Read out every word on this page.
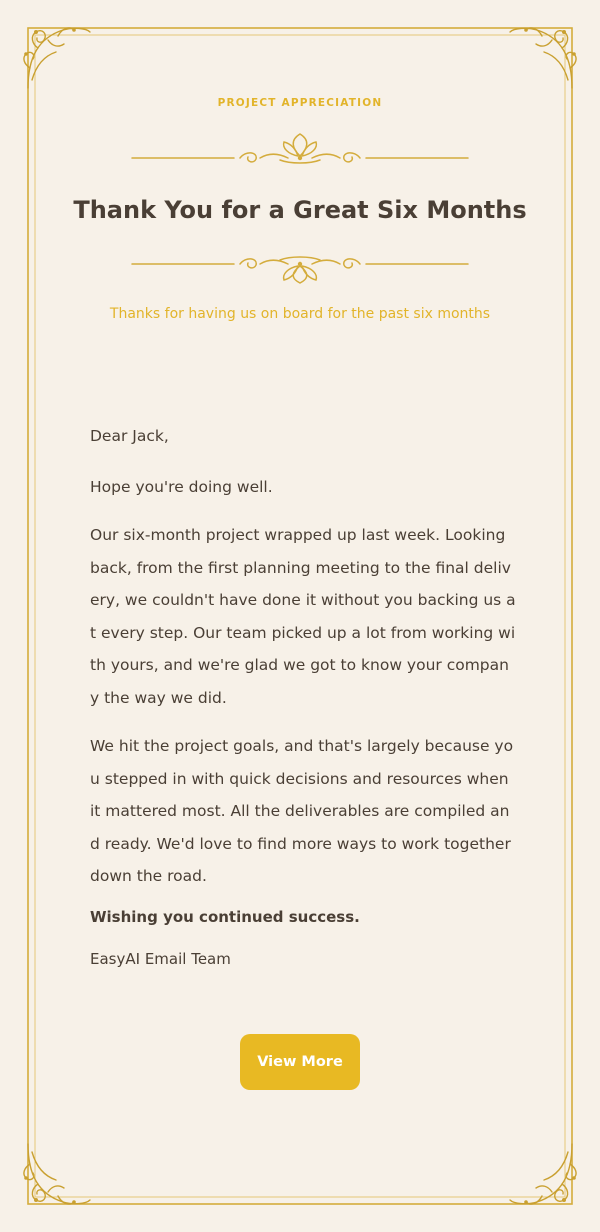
PROJECT APPRECIATION
Thank You for a Great Six Months
Thanks for having us on board for the past six months

Dear Jack,

Hope you're doing well.

Our six-month project wrapped up last week. Looking back, from the first planning meeting to the final delivery, we couldn't have done it without you backing us at every step. Our team picked up a lot from working with yours, and we're glad we got to know your company the way we did.

We hit the project goals, and that's largely because you stepped in with quick decisions and resources when it mattered most. All the deliverables are compiled and ready. We'd love to find more ways to work together down the road.

Wishing you continued success.

EasyAI Email Team

View More
